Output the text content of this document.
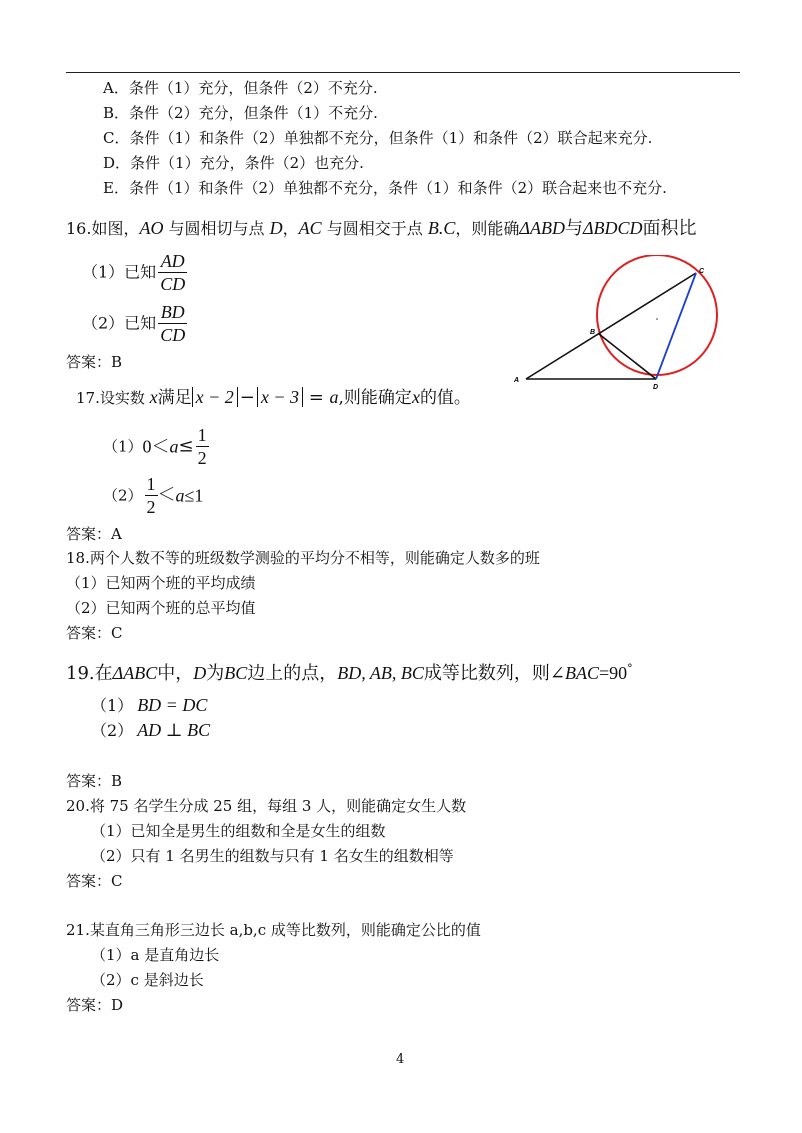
A．条件（1）充分，但条件（2）不充分.
B．条件（2）充分，但条件（1）不充分.
C．条件（1）和条件（2）单独都不充分，但条件（1）和条件（2）联合起来充分.
D．条件（1）充分，条件（2）也充分.
E．条件（1）和条件（2）单独都不充分，条件（1）和条件（2）联合起来也不充分.
16.如图，AO 与圆相切与点 D，AC 与圆相交于点 B.C，则能确ΔABD与ΔBDCD面积比
（1）已知 $\frac{AD}{CD}$
（2）已知 $\frac{BD}{CD}$
答案：B
A
B
C
D
17.设实数 x满足 x − 2 − x − 3 = a,则能确定x的值。
$(1)0<a\le \frac{1}{2}$
$(2) \frac{1}{2} <a\le 1$
答案：A
18.两个人数不等的班级数学测验的平均分不相等，则能确定人数多的班
（1）已知两个班的平均成绩
（2）已知两个班的总平均值
答案：C
19.在ΔABC中，D为BC边上的点，BD, AB, BC成等比数列，则∠BAC=90°
（1） BD = DC
（2） AD ⊥ BC
答案：B
20.将 75 名学生分成 25 组，每组 3 人，则能确定女生人数
（1）已知全是男生的组数和全是女生的组数
（2）只有 1 名男生的组数与只有 1 名女生的组数相等
答案：C
21.某直角三角形三边长 a,b,c 成等比数列，则能确定公比的值
（1）a 是直角边长
（2）c 是斜边长
答案：D
4
